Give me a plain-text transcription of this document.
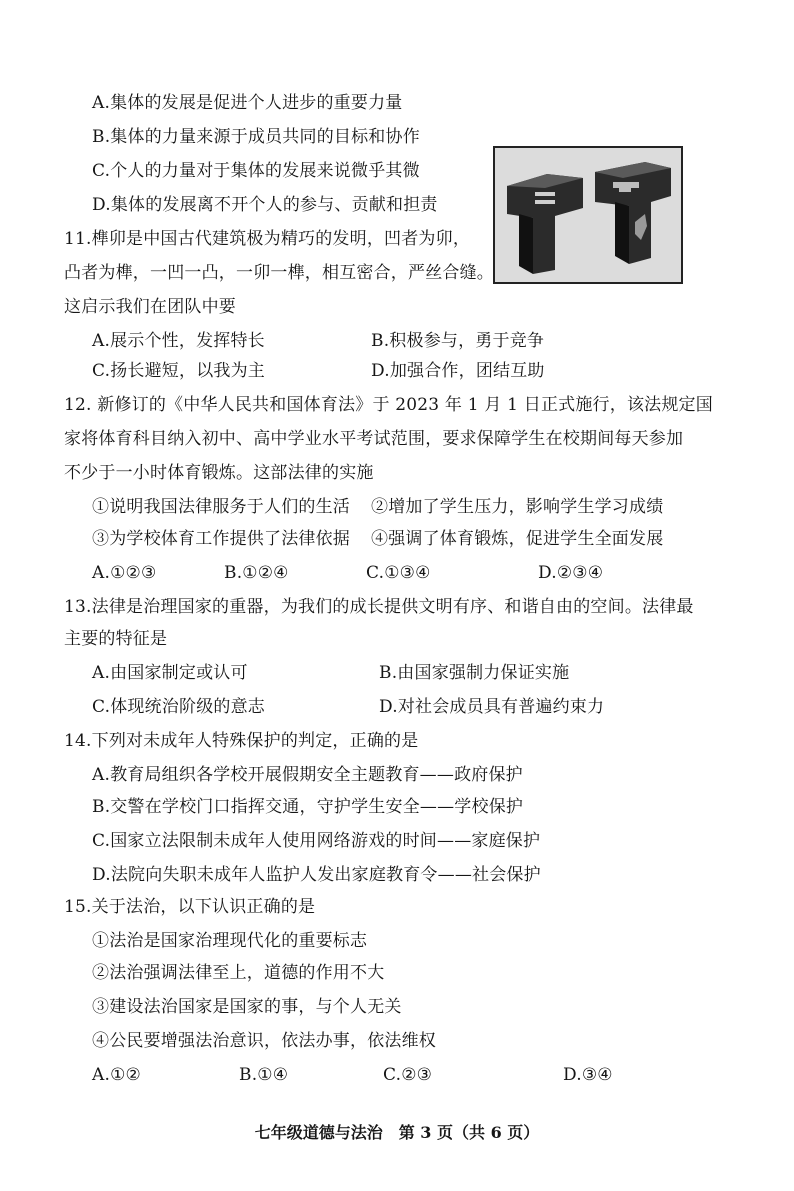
A.集体的发展是促进个人进步的重要力量
B.集体的力量来源于成员共同的目标和协作
C.个人的力量对于集体的发展来说微乎其微
D.集体的发展离不开个人的参与、贡献和担责
11.榫卯是中国古代建筑极为精巧的发明，凹者为卯，
凸者为榫，一凹一凸，一卯一榫，相互密合，严丝合缝。
这启示我们在团队中要
A.展示个性，发挥特长	B.积极参与，勇于竞争
C.扬长避短，以我为主	D.加强合作，团结互助
12. 新修订的《中华人民共和国体育法》于 2023 年 1 月 1 日正式施行，该法规定国
家将体育科目纳入初中、高中学业水平考试范围，要求保障学生在校期间每天参加
不少于一小时体育锻炼。这部法律的实施
①说明我国法律服务于人们的生活 ②增加了学生压力，影响学生学习成绩
③为学校体育工作提供了法律依据 ④强调了体育锻炼，促进学生全面发展
A.①②③	B.①②④	C.①③④	D.②③④
13.法律是治理国家的重器，为我们的成长提供文明有序、和谐自由的空间。法律最
主要的特征是
A.由国家制定或认可	B.由国家强制力保证实施
C.体现统治阶级的意志	D.对社会成员具有普遍约束力
14.下列对未成年人特殊保护的判定，正确的是
A.教育局组织各学校开展假期安全主题教育——政府保护
B.交警在学校门口指挥交通，守护学生安全——学校保护
C.国家立法限制未成年人使用网络游戏的时间——家庭保护
D.法院向失职未成年人监护人发出家庭教育令——社会保护
15.关于法治，以下认识正确的是
①法治是国家治理现代化的重要标志
②法治强调法律至上，道德的作用不大
③建设法治国家是国家的事，与个人无关
④公民要增强法治意识，依法办事，依法维权
A.①②	B.①④	C.②③	D.③④
七年级道德与法治　第 3 页（共 6 页）
